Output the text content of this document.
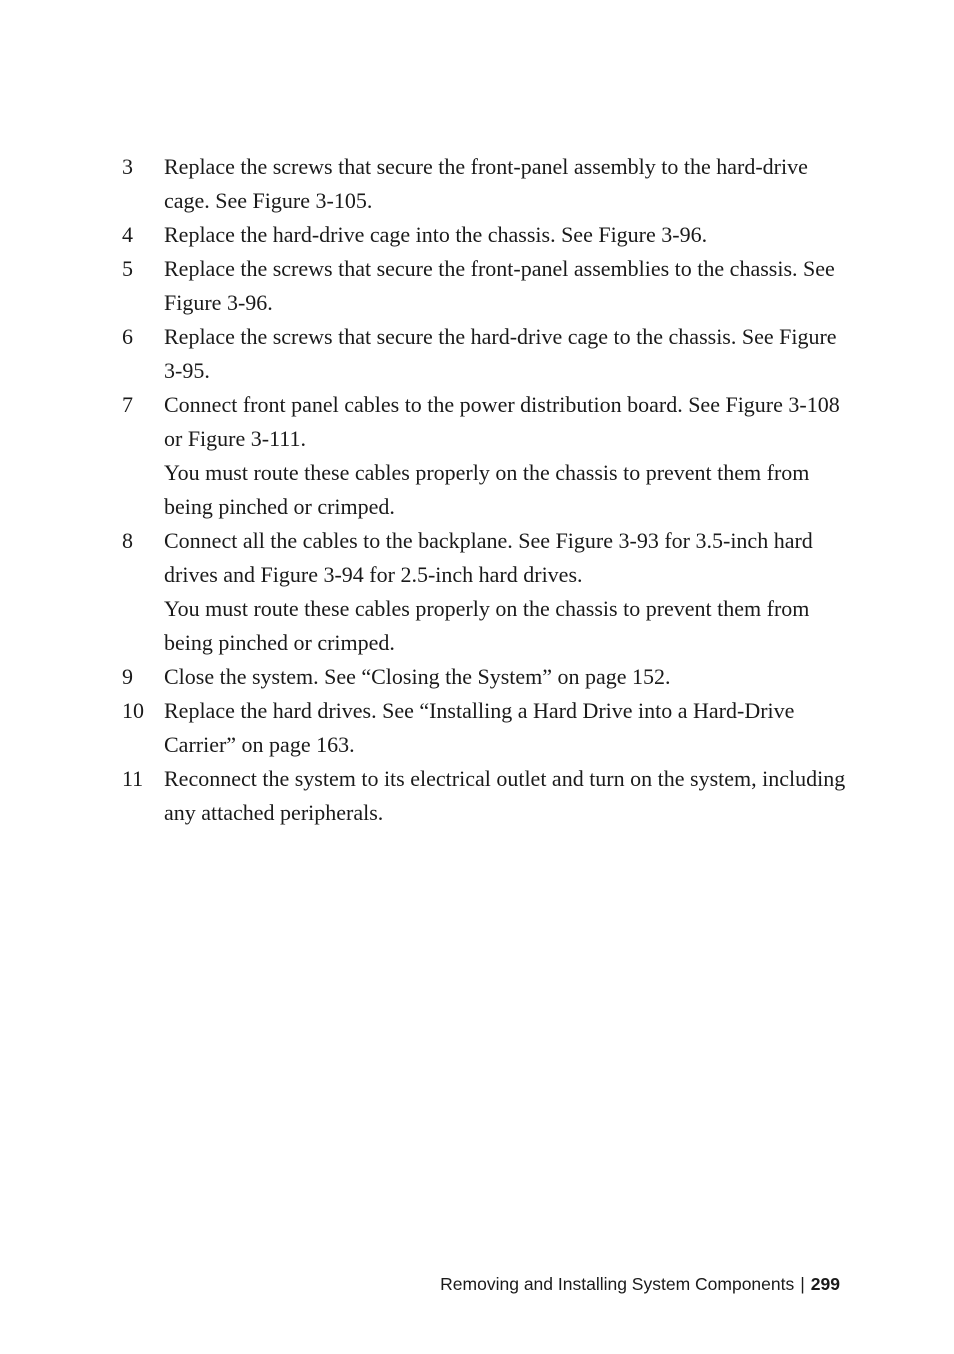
3	Replace the screws that secure the front-panel assembly to the hard-drive cage. See Figure 3-105.
4	Replace the hard-drive cage into the chassis. See Figure 3-96.
5	Replace the screws that secure the front-panel assemblies to the chassis. See Figure 3-96.
6	Replace the screws that secure the hard-drive cage to the chassis. See Figure 3-95.
7	Connect front panel cables to the power distribution board. See Figure 3-108 or Figure 3-111.
You must route these cables properly on the chassis to prevent them from being pinched or crimped.
8	Connect all the cables to the backplane. See Figure 3-93 for 3.5-inch hard drives and Figure 3-94 for 2.5-inch hard drives.
You must route these cables properly on the chassis to prevent them from being pinched or crimped.
9	Close the system. See “Closing the System” on page 152.
10 Replace the hard drives. See “Installing a Hard Drive into a Hard-Drive Carrier” on page 163.
11 Reconnect the system to its electrical outlet and turn on the system, including any attached peripherals.
Removing and Installing System Components | 299
